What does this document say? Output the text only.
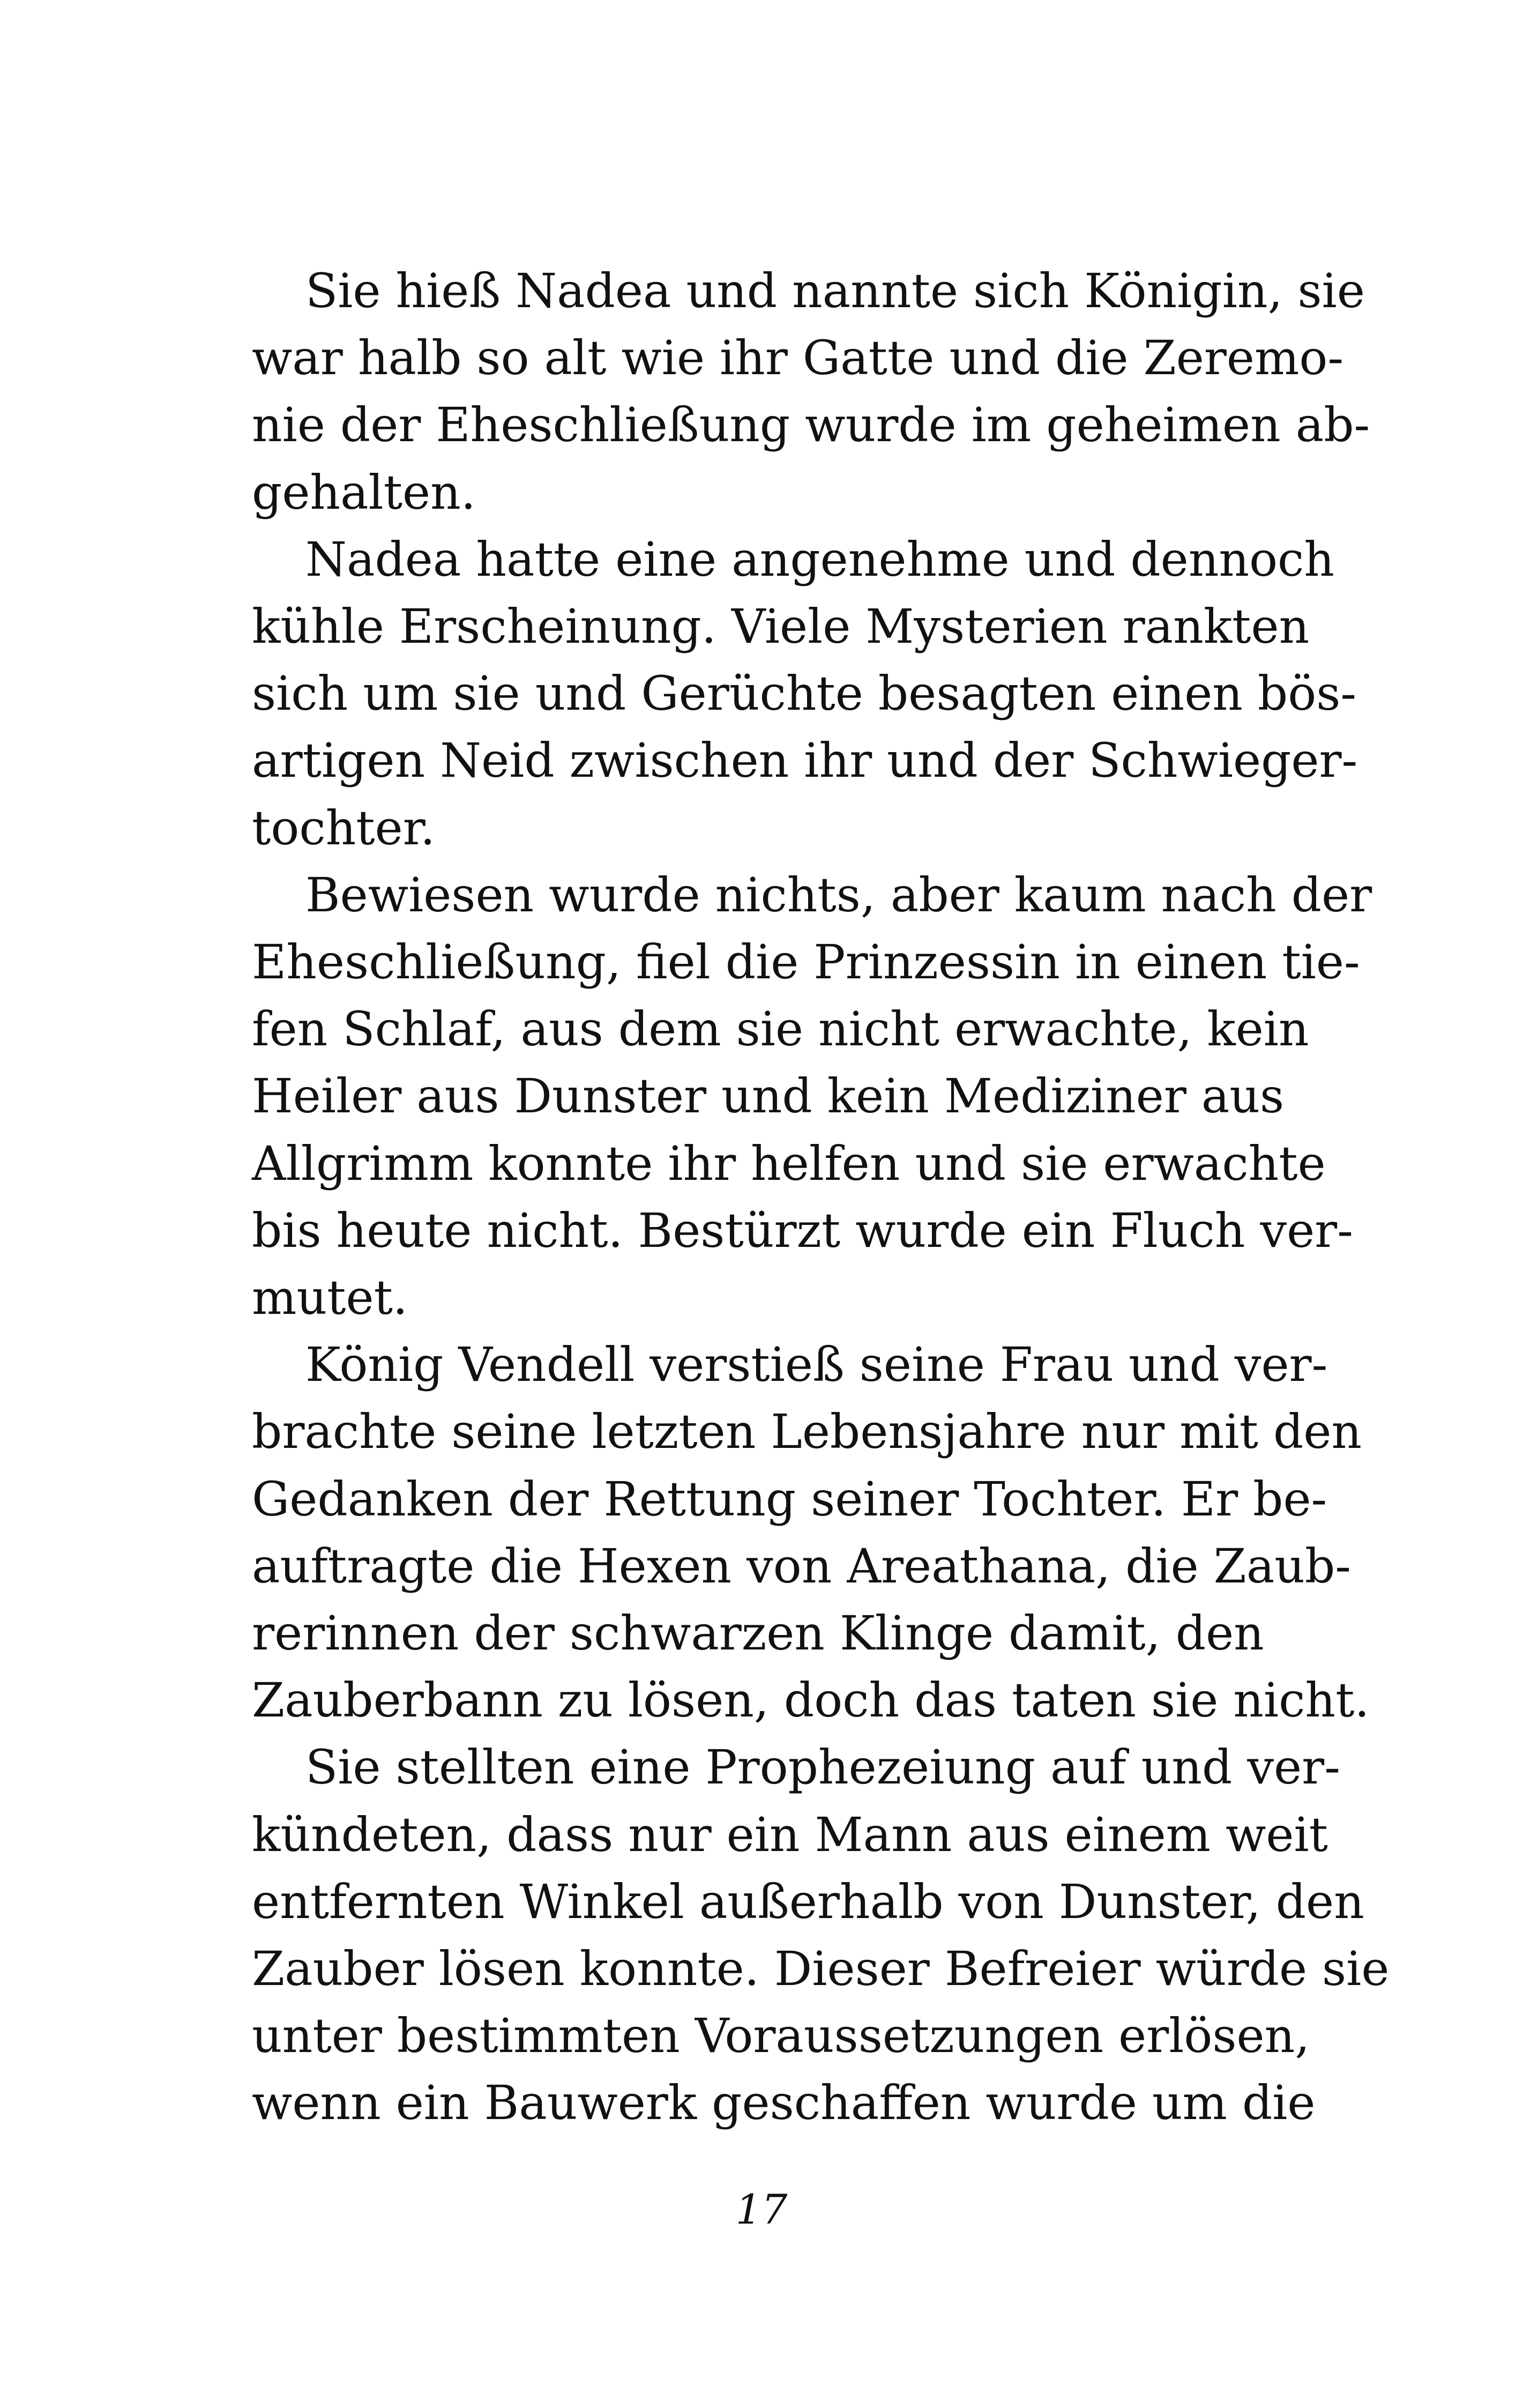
Sie hieß Nadea und nannte sich Königin, sie
war halb so alt wie ihr Gatte und die Zeremo-
nie der Eheschließung wurde im geheimen ab-
gehalten.
Nadea hatte eine angenehme und dennoch
kühle Erscheinung. Viele Mysterien rankten
sich um sie und Gerüchte besagten einen bös-
artigen Neid zwischen ihr und der Schwieger-
tochter.
Bewiesen wurde nichts, aber kaum nach der
Eheschließung, fiel die Prinzessin in einen tie-
fen Schlaf, aus dem sie nicht erwachte, kein
Heiler aus Dunster und kein Mediziner aus
Allgrimm konnte ihr helfen und sie erwachte
bis heute nicht. Bestürzt wurde ein Fluch ver-
mutet.
König Vendell verstieß seine Frau und ver-
brachte seine letzten Lebensjahre nur mit den
Gedanken der Rettung seiner Tochter. Er be-
auftragte die Hexen von Areathana, die Zaub-
rerinnen der schwarzen Klinge damit, den
Zauberbann zu lösen, doch das taten sie nicht.
Sie stellten eine Prophezeiung auf und ver-
kündeten, dass nur ein Mann aus einem weit
entfernten Winkel außerhalb von Dunster, den
Zauber lösen konnte. Dieser Befreier würde sie
unter bestimmten Voraussetzungen erlösen,
wenn ein Bauwerk geschaffen wurde um die
17
